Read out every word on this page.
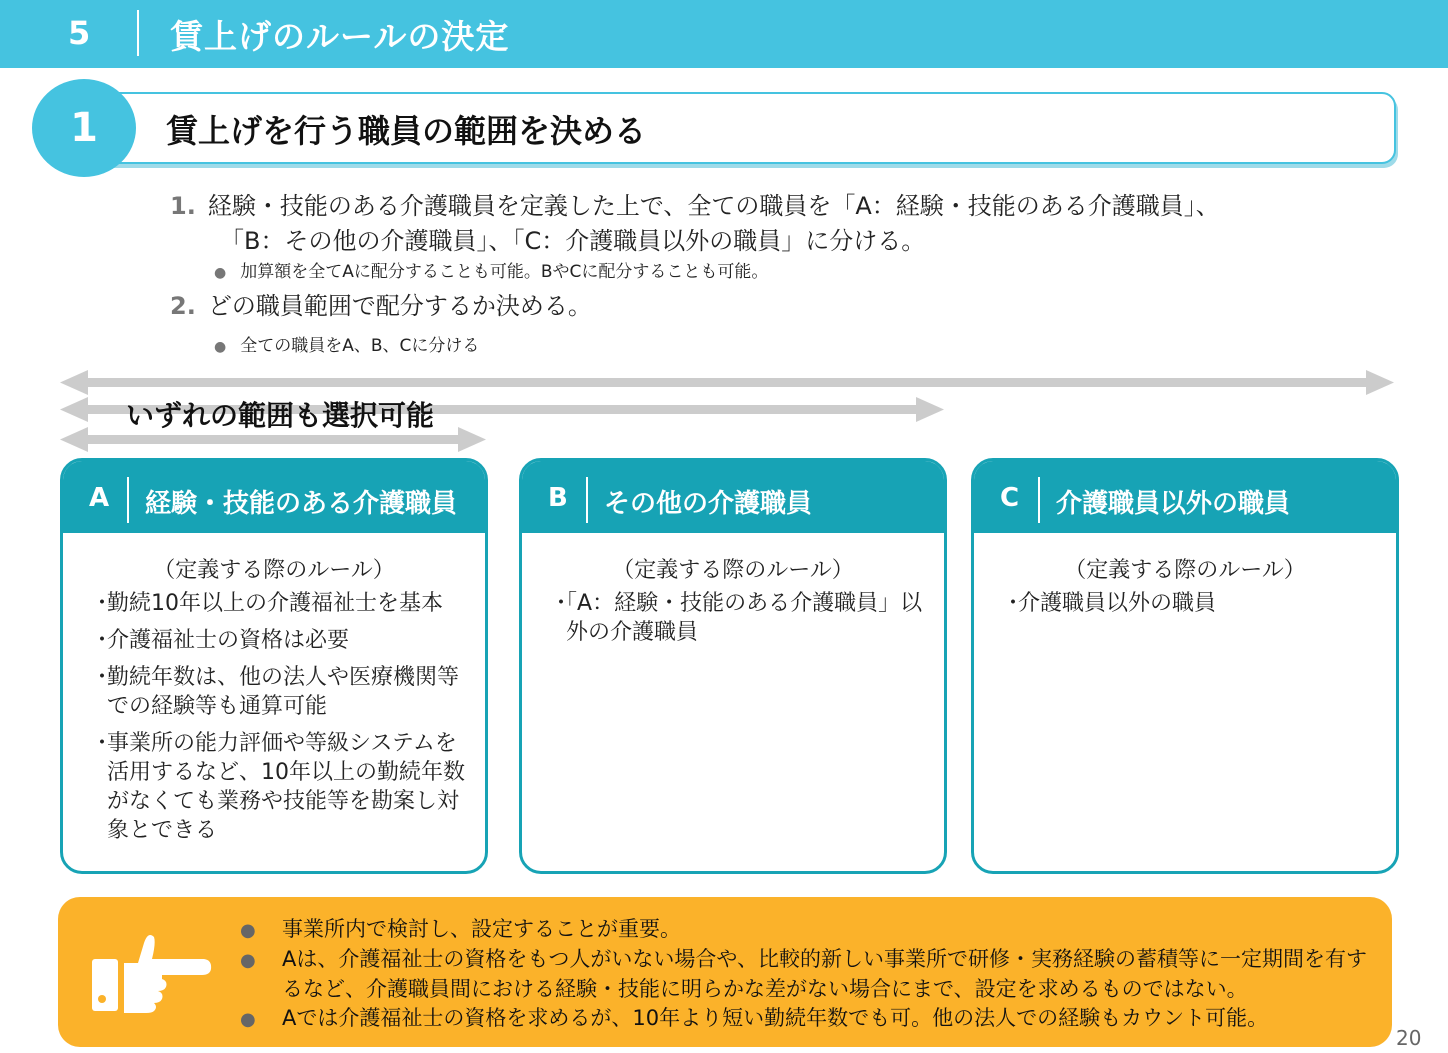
5 賃上げのルールの決定
1	賃上げを行う職員の範囲を決める
1. 経験・技能のある介護職員を定義した上で、全ての職員を「A：経験・技能のある介護職員」、
「B：その他の介護職員」、「C：介護職員以外の職員」に分ける。
● 加算額を全てAに配分することも可能。BやCに配分することも可能。
2. どの職員範囲で配分するか決める。
● 全ての職員をA、B、Cに分ける
いずれの範囲も選択可能
A 経験・技能のある介護職員
（定義する際のルール）
・ 勤続10年以上の介護福祉士を基本
・ 介護福祉士の資格は必要
・ 勤続年数は、他の法人や医療機関等での経験等も通算可能
・ 事業所の能力評価や等級システムを活用するなど、10年以上の勤続年数がなくても業務や技能等を勘案し対象とできる
B その他の介護職員
（定義する際のルール）
・ 「A：経験・技能のある介護職員」以外の介護職員
C 介護職員以外の職員
（定義する際のルール）
・ 介護職員以外の職員
● 事業所内で検討し、設定することが重要。
● Aは、介護福祉士の資格をもつ人がいない場合や、比較的新しい事業所で研修・実務経験の蓄積等に一定期間を有するなど、介護職員間における経験・技能に明らかな差がない場合にまで、設定を求めるものではない。
● Aでは介護福祉士の資格を求めるが、10年より短い勤続年数でも可。他の法人での経験もカウント可能。
20
